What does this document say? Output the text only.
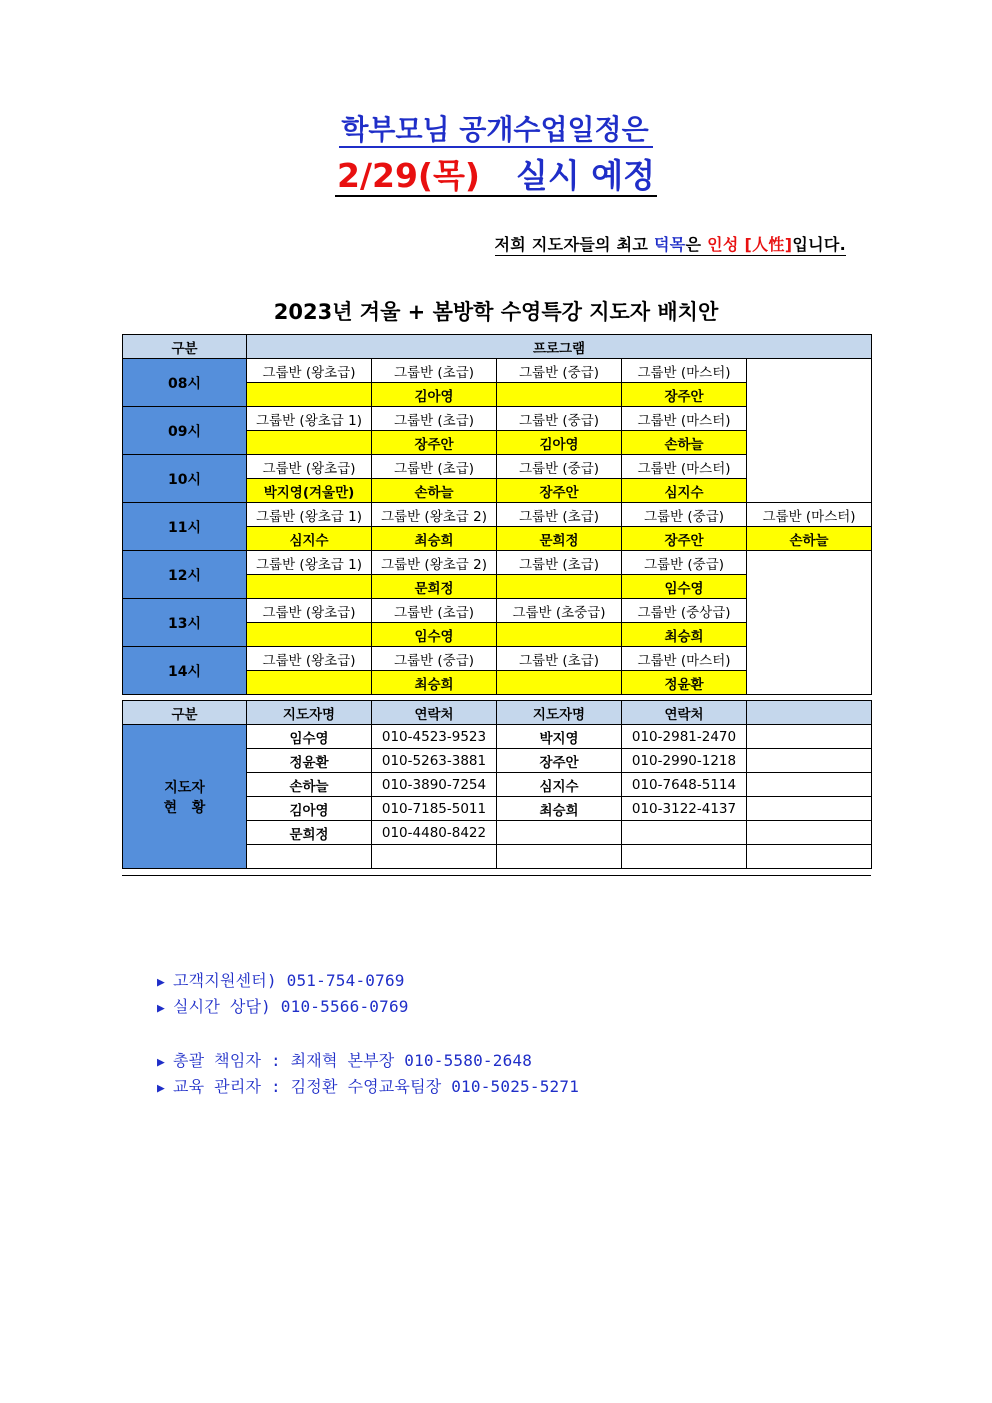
학부모님 공개수업일정은
2/29(목) 실시 예정
저희 지도자들의 최고 덕목은 인성 [人性]입니다.
2023년 겨울 + 봄방학 수영특강 지도자 배치안
구분	프로그램				
08시	그룹반 (왕초급)	그룹반 (초급)	그룹반 (중급)	그룹반 (마스터)	
		김아영		장주안	
09시	그룹반 (왕초급 1)	그룹반 (초급)	그룹반 (중급)	그룹반 (마스터)	
		장주안	김아영	손하늘	
10시	그룹반 (왕초급)	그룹반 (초급)	그룹반 (중급)	그룹반 (마스터)	
	박지영(겨울만)	손하늘	장주안	심지수	
11시	그룹반 (왕초급 1)	그룹반 (왕초급 2)	그룹반 (초급)	그룹반 (중급)	그룹반 (마스터)
	심지수	최승희	문희정	장주안	손하늘
12시	그룹반 (왕초급 1)	그룹반 (왕초급 2)	그룹반 (초급)	그룹반 (중급)	
		문희정		임수영	
13시	그룹반 (왕초급)	그룹반 (초급)	그룹반 (초중급)	그룹반 (중상급)	
		임수영		최승희	
14시	그룹반 (왕초급)	그룹반 (중급)	그룹반 (초급)	그룹반 (마스터)	
		최승희		정윤환	
구분	지도자명	연락처	지도자명	연락처	

지도자
현   황	임수영	010-4523-9523	박지영	010-2981-2470	
	정윤환	010-5263-3881	장주안	010-2990-1218	
	손하늘	010-3890-7254	심지수	010-7648-5114	
	김아영	010-7185-5011	최승희	010-3122-4137	
	문희정	010-4480-8422			

▶ 고객지원센터) 051-754-0769
▶ 실시간 상담) 010-5566-0769
▶ 총괄 책임자 : 최재혁 본부장 010-5580-2648
▶ 교육 관리자 : 김정환 수영교육팀장 010-5025-5271
